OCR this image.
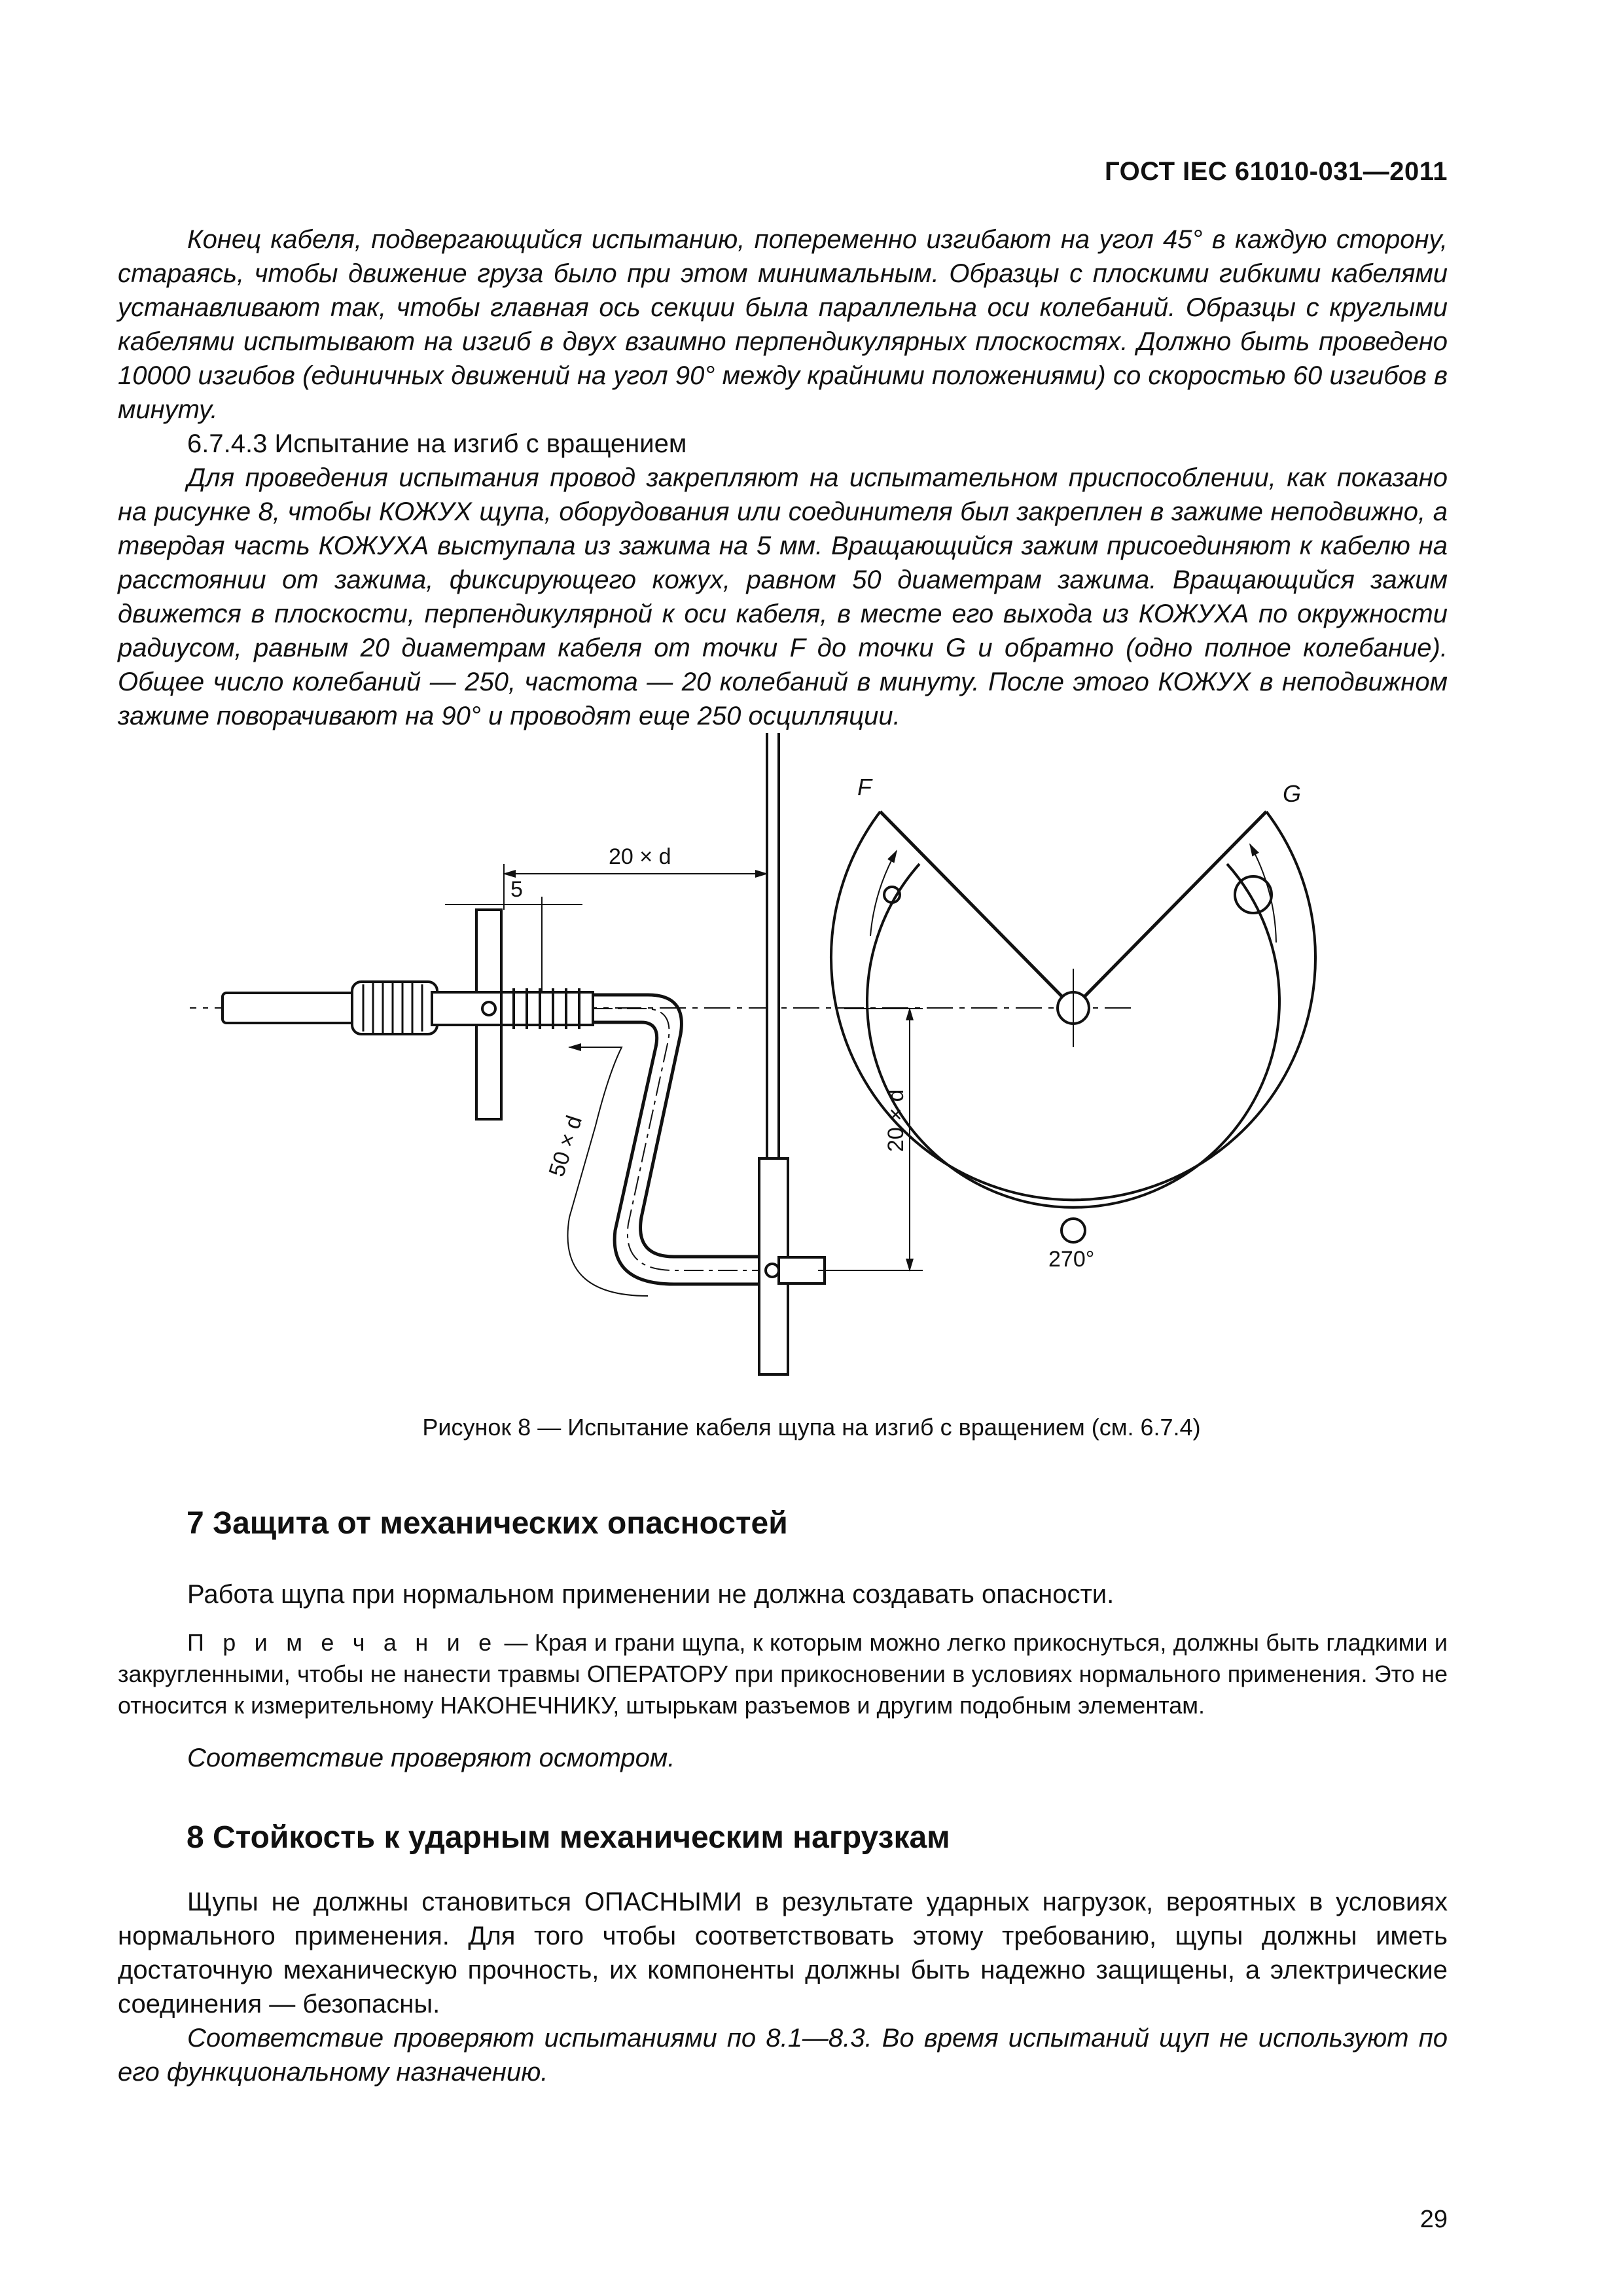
ГОСТ IEC 61010-031—2011

Конец кабеля, подвергающийся испытанию, попеременно изгибают на угол 45° в каждую сторону, стараясь, чтобы движение груза было при этом минимальным. Образцы с плоскими гибкими кабелями устанавливают так, чтобы главная ось секции была параллельна оси колебаний. Образцы с круглыми кабелями испытывают на изгиб в двух взаимно перпендикулярных плоскостях. Должно быть проведено 10000 изгибов (единичных движений на угол 90° между крайними положениями) со скоростью 60 изгибов в минуту.

6.7.4.3 Испытание на изгиб с вращением

Для проведения испытания провод закрепляют на испытательном приспособлении, как показано на рисунке 8, чтобы КОЖУХ щупа, оборудования или соединителя был закреплен в зажиме неподвижно, а твердая часть КОЖУХА выступала из зажима на 5 мм. Вращающийся зажим присоединяют к кабелю на расстоянии от зажима, фиксирующего кожух, равном 50 диаметрам зажима. Вращающийся зажим движется в плоскости, перпендикулярной к оси кабеля, в месте его выхода из КОЖУХА по окружности радиусом, равным 20 диаметрам кабеля от точки F до точки G и обратно (одно полное колебание). Общее число колебаний — 250, частота — 20 колебаний в минуту. После этого КОЖУХ в неподвижном зажиме поворачивают на 90° и проводят еще 250 осцилляции.

20 × d
5
50 × d	20 × d
F	G
270°
Рисунок 8 — Испытание кабеля щупа на изгиб с вращением (см. 6.7.4)
7 Защита от механических опасностей

Работа щупа при нормальном применении не должна создавать опасности.

П р и м е ч а н и е — Края и грани щупа, к которым можно легко прикоснуться, должны быть гладкими и закругленными, чтобы не нанести травмы ОПЕРАТОРУ при прикосновении в условиях нормального применения. Это не относится к измерительному НАКОНЕЧНИКУ, штырькам разъемов и другим подобным элементам.

Соответствие проверяют осмотром.

8 Стойкость к ударным механическим нагрузкам

Щупы не должны становиться ОПАСНЫМИ в результате ударных нагрузок, вероятных в условиях нормального применения. Для того чтобы соответствовать этому требованию, щупы должны иметь достаточную механическую прочность, их компоненты должны быть надежно защищены, а электрические соединения — безопасны.

Соответствие проверяют испытаниями по 8.1—8.3. Во время испытаний щуп не используют по его функциональному назначению.

29
